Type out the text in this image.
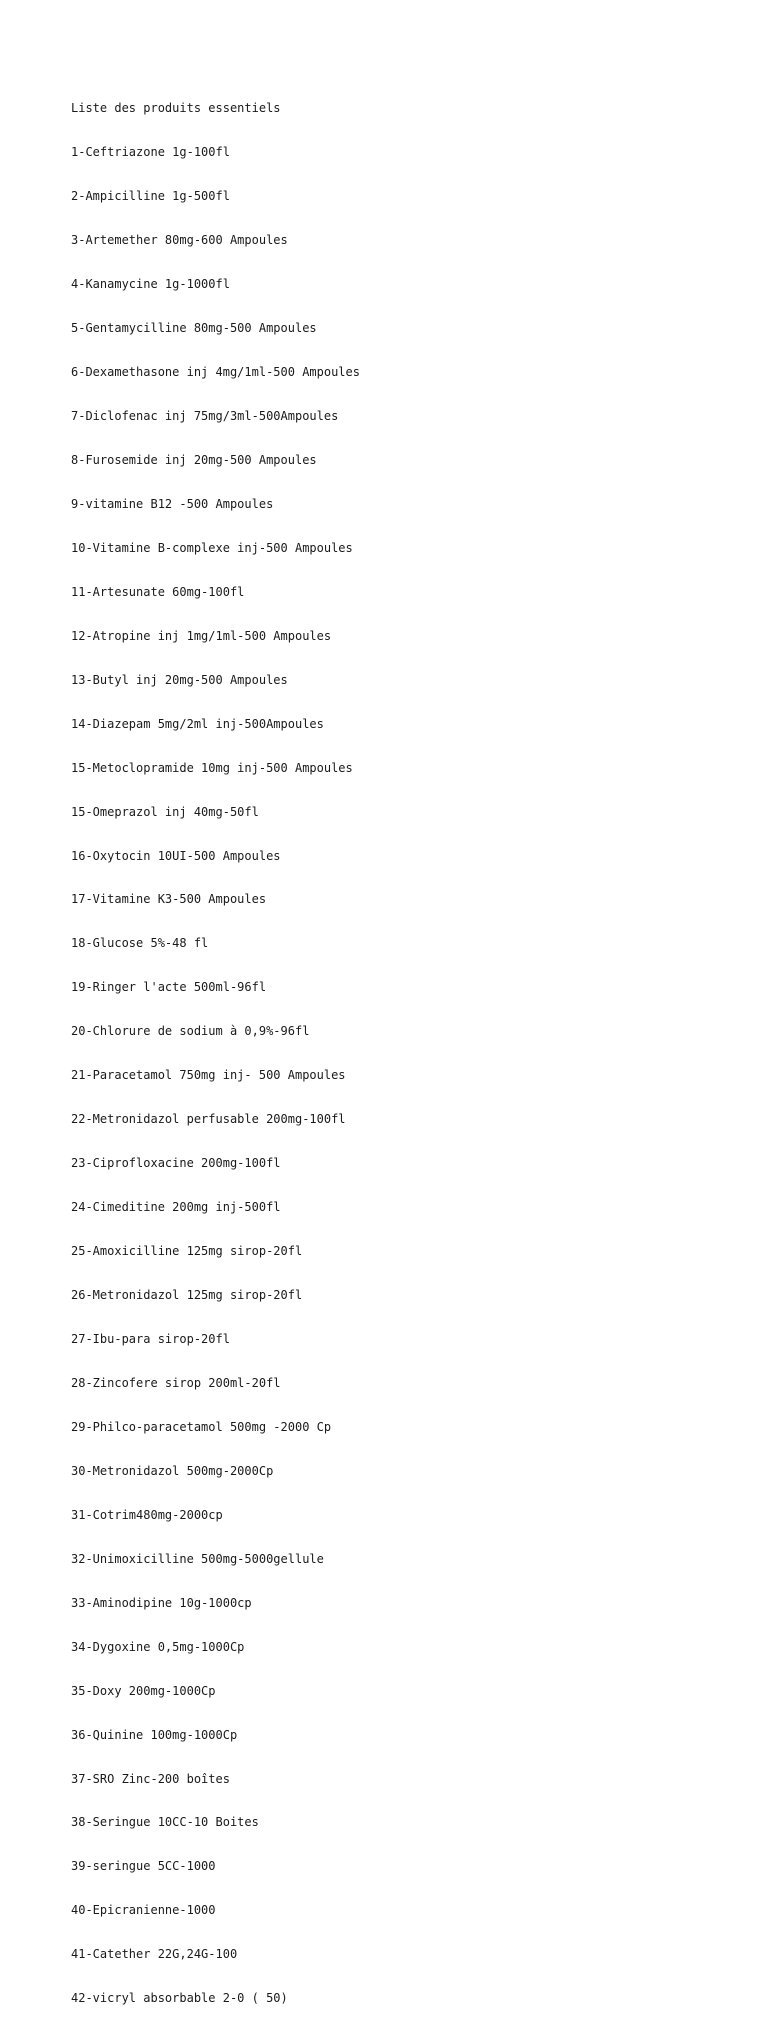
Liste des produits essentiels

1-Ceftriazone 1g-100fl

2-Ampicilline 1g-500fl

3-Artemether 80mg-600 Ampoules

4-Kanamycine 1g-1000fl

5-Gentamycilline 80mg-500 Ampoules

6-Dexamethasone inj 4mg/1ml-500 Ampoules

7-Diclofenac inj 75mg/3ml-500Ampoules

8-Furosemide inj 20mg-500 Ampoules

9-vitamine B12 -500 Ampoules

10-Vitamine B-complexe inj-500 Ampoules

11-Artesunate 60mg-100fl

12-Atropine inj 1mg/1ml-500 Ampoules

13-Butyl inj 20mg-500 Ampoules

14-Diazepam 5mg/2ml inj-500Ampoules

15-Metoclopramide 10mg inj-500 Ampoules

15-Omeprazol inj 40mg-50fl

16-Oxytocin 10UI-500 Ampoules

17-Vitamine K3-500 Ampoules

18-Glucose 5%-48 fl

19-Ringer l'acte 500ml-96fl

20-Chlorure de sodium à 0,9%-96fl

21-Paracetamol 750mg inj- 500 Ampoules

22-Metronidazol perfusable 200mg-100fl

23-Ciprofloxacine 200mg-100fl

24-Cimeditine 200mg inj-500fl

25-Amoxicilline 125mg sirop-20fl

26-Metronidazol 125mg sirop-20fl

27-Ibu-para sirop-20fl

28-Zincofere sirop 200ml-20fl

29-Philco-paracetamol 500mg -2000 Cp

30-Metronidazol 500mg-2000Cp

31-Cotrim480mg-2000cp

32-Unimoxicilline 500mg-5000gellule

33-Aminodipine 10g-1000cp

34-Dygoxine 0,5mg-1000Cp

35-Doxy 200mg-1000Cp

36-Quinine 100mg-1000Cp

37-SRO Zinc-200 boîtes

38-Seringue 10CC-10 Boites

39-seringue 5CC-1000

40-Epicranienne-1000

41-Catether 22G,24G-100

42-vicryl absorbable 2-0 ( 50)
